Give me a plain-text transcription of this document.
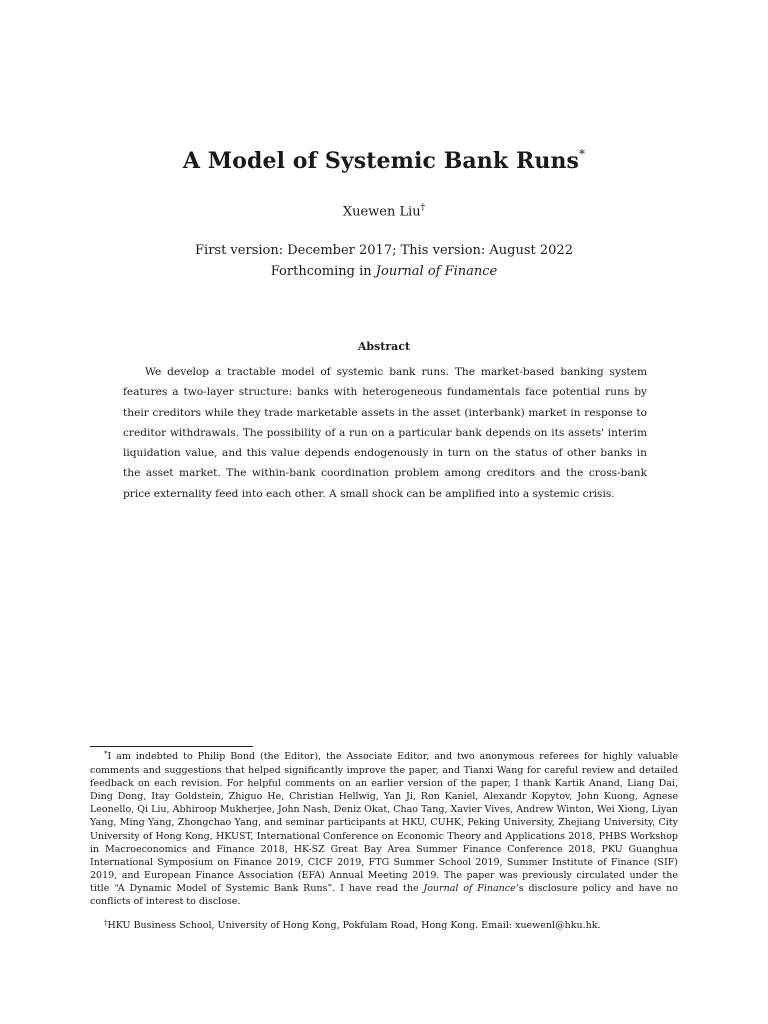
A Model of Systemic Bank Runs*
Xuewen Liu†
First version: December 2017; This version: August 2022
Forthcoming in Journal of Finance
Abstract

We develop a tractable model of systemic bank runs. The market-based banking system features a two-layer structure: banks with heterogeneous fundamentals face potential runs by their creditors while they trade marketable assets in the asset (interbank) market in response to creditor withdrawals. The possibility of a run on a particular bank depends on its assets' interim liquidation value, and this value depends endogenously in turn on the status of other banks in the asset market. The within-bank coordination problem among creditors and the cross-bank price externality feed into each other. A small shock can be amplified into a systemic crisis.

*I am indebted to Philip Bond (the Editor), the Associate Editor, and two anonymous referees for highly valuable comments and suggestions that helped significantly improve the paper, and Tianxi Wang for careful review and detailed feedback on each revision. For helpful comments on an earlier version of the paper, I thank Kartik Anand, Liang Dai, Ding Dong, Itay Goldstein, Zhiguo He, Christian Hellwig, Yan Ji, Ron Kaniel, Alexandr Kopytov, John Kuong, Agnese Leonello, Qi Liu, Abhiroop Mukherjee, John Nash, Deniz Okat, Chao Tang, Xavier Vives, Andrew Winton, Wei Xiong, Liyan Yang, Ming Yang, Zhongchao Yang, and seminar participants at HKU, CUHK, Peking University, Zhejiang University, City University of Hong Kong, HKUST, International Conference on Economic Theory and Applications 2018, PHBS Workshop in Macroeconomics and Finance 2018, HK-SZ Great Bay Area Summer Finance Conference 2018, PKU Guanghua International Symposium on Finance 2019, CICF 2019, FTG Summer School 2019, Summer Institute of Finance (SIF) 2019, and European Finance Association (EFA) Annual Meeting 2019. The paper was previously circulated under the title “A Dynamic Model of Systemic Bank Runs”. I have read the Journal of Finance’s disclosure policy and have no conflicts of interest to disclose.

†HKU Business School, University of Hong Kong, Pokfulam Road, Hong Kong. Email: xuewenl@hku.hk.
